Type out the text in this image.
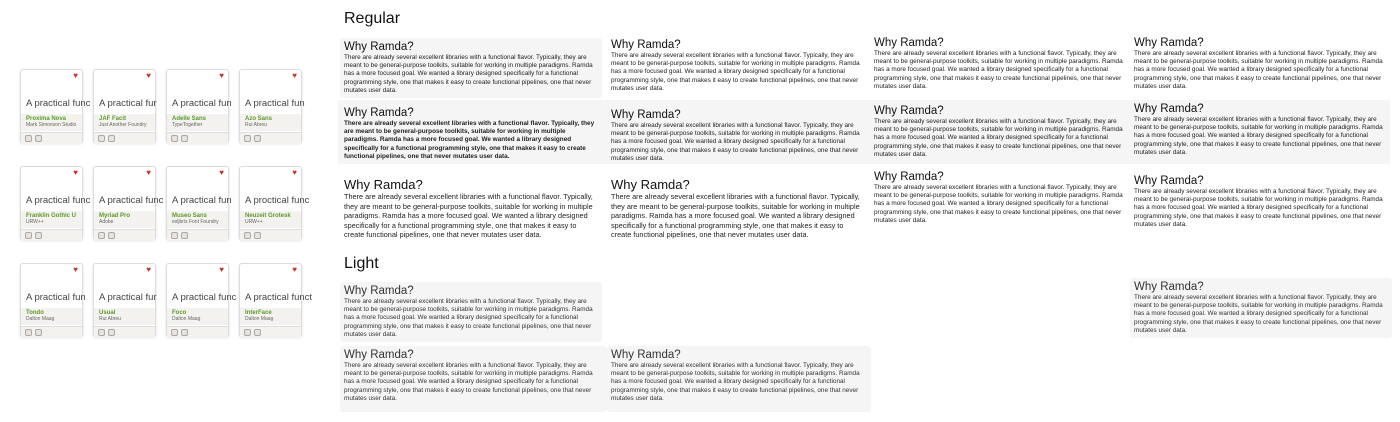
♥
A practical func
Proxima Nova
Mark Simonson Studio
♥
A practical fur
JAF Facit
Just Another Foundry
♥
A practical fun
Adelle Sans
TypeTogether
♥
A practical fun
Azo Sans
Rui Abreu
♥
A practical func
Franklin Gothic U
URW++
♥
A practical func
Myriad Pro
Adobe
♥
A practical fun
Museo Sans
exljbris Font Foundry
♥
A proctical func
Neuzeit Grotesk
URW++
♥
A practical fun
Tondo
Dalton Maag
♥
A practical fur
Usual
Rui Abreu
♥
A practical func
Foco
Dalton Maag
♥
A practical funct
InterFace
Dalton Maag
Regular
Light
Why Ramda?
There are already several excellent libraries with a functional flavor. Typically, they are meant to be general-purpose toolkits, suitable for working in multiple paradigms. Ramda has a more focused goal. We wanted a library designed specifically for a functional programming style, one that makes it easy to create functional pipelines, one that never mutates user data.
Why Ramda?
There are already several excellent libraries with a functional flavor. Typically, they are meant to be general-purpose toolkits, suitable for working in multiple paradigms. Ramda has a more focused goal. We wanted a library designed specifically for a functional programming style, one that makes it easy to create functional pipelines, one that never mutates user data.
Why Ramda?
There are already several excellent libraries with a functional flavor. Typically, they are meant to be general-purpose toolkits, suitable for working in multiple paradigms. Ramda has a more focused goal. We wanted a library designed specifically for a functional programming style, one that makes it easy to create functional pipelines, one that never mutates user data.
Why Ramda?
There are already several excellent libraries with a functional flavor. Typically, they are meant to be general-purpose toolkits, suitable for working in multiple paradigms. Ramda has a more focused goal. We wanted a library designed specifically for a functional programming style, one that makes it easy to create functional pipelines, one that never mutates user data.
Why Ramda?
There are already several excellent libraries with a functional flavor. Typically, they are meant to be general-purpose toolkits, suitable for working in multiple paradigms. Ramda has a more focused goal. We wanted a library designed specifically for a functional programming style, one that makes it easy to create functional pipelines, one that never mutates user data.
Why Ramda?
There are already several excellent libraries with a functional flavor. Typically, they are meant to be general-purpose toolkits, suitable for working in multiple paradigms. Ramda has a more focused goal. We wanted a library designed specifically for a functional programming style, one that makes it easy to create functional pipelines, one that never mutates user data.
Why Ramda?
There are already several excellent libraries with a functional flavor. Typically, they are meant to be general-purpose toolkits, suitable for working in multiple paradigms. Ramda has a more focused goal. We wanted a library designed specifically for a functional programming style, one that makes it easy to create functional pipelines, one that never mutates user data.
Why Ramda?
There are already several excellent libraries with a functional flavor. Typically, they are meant to be general-purpose toolkits, suitable for working in multiple paradigms. Ramda has a more focused goal. We wanted a library designed specifically for a functional programming style, one that makes it easy to create functional pipelines, one that never mutates user data.
Why Ramda?
There are already several excellent libraries with a functional flavor. Typically, they are meant to be general-purpose toolkits, suitable for working in multiple paradigms. Ramda has a more focused goal. We wanted a library designed specifically for a functional programming style, one that makes it easy to create functional pipelines, one that never mutates user data.
Why Ramda?
There are already several excellent libraries with a functional flavor. Typically, they are meant to be general-purpose toolkits, suitable for working in multiple paradigms. Ramda has a more focused goal. We wanted a library designed specifically for a functional programming style, one that makes it easy to create functional pipelines, one that never mutates user data.
Why Ramda?
There are already several excellent libraries with a functional flavor. Typically, they are meant to be general-purpose toolkits, suitable for working in multiple paradigms. Ramda has a more focused goal. We wanted a library designed specifically for a functional programming style, one that makes it easy to create functional pipelines, one that never mutates user data.
Why Ramda?
There are already several excellent libraries with a functional flavor. Typically, they are meant to be general-purpose toolkits, suitable for working in multiple paradigms. Ramda has a more focused goal. We wanted a library designed specifically for a functional programming style, one that makes it easy to create functional pipelines, one that never mutates user data.
Why Ramda?
There are already several excellent libraries with a functional flavor. Typically, they are meant to be general-purpose toolkits, suitable for working in multiple paradigms. Ramda has a more focused goal. We wanted a library designed specifically for a functional programming style, one that makes it easy to create functional pipelines, one that never mutates user data.
Why Ramda?
There are already several excellent libraries with a functional flavor. Typically, they are meant to be general-purpose toolkits, suitable for working in multiple paradigms. Ramda has a more focused goal. We wanted a library designed specifically for a functional programming style, one that makes it easy to create functional pipelines, one that never mutates user data.
Why Ramda?
There are already several excellent libraries with a functional flavor. Typically, they are meant to be general-purpose toolkits, suitable for working in multiple paradigms. Ramda has a more focused goal. We wanted a library designed specifically for a functional programming style, one that makes it easy to create functional pipelines, one that never mutates user data.
Why Ramda?
There are already several excellent libraries with a functional flavor. Typically, they are meant to be general-purpose toolkits, suitable for working in multiple paradigms. Ramda has a more focused goal. We wanted a library designed specifically for a functional programming style, one that makes it easy to create functional pipelines, one that never mutates user data.
